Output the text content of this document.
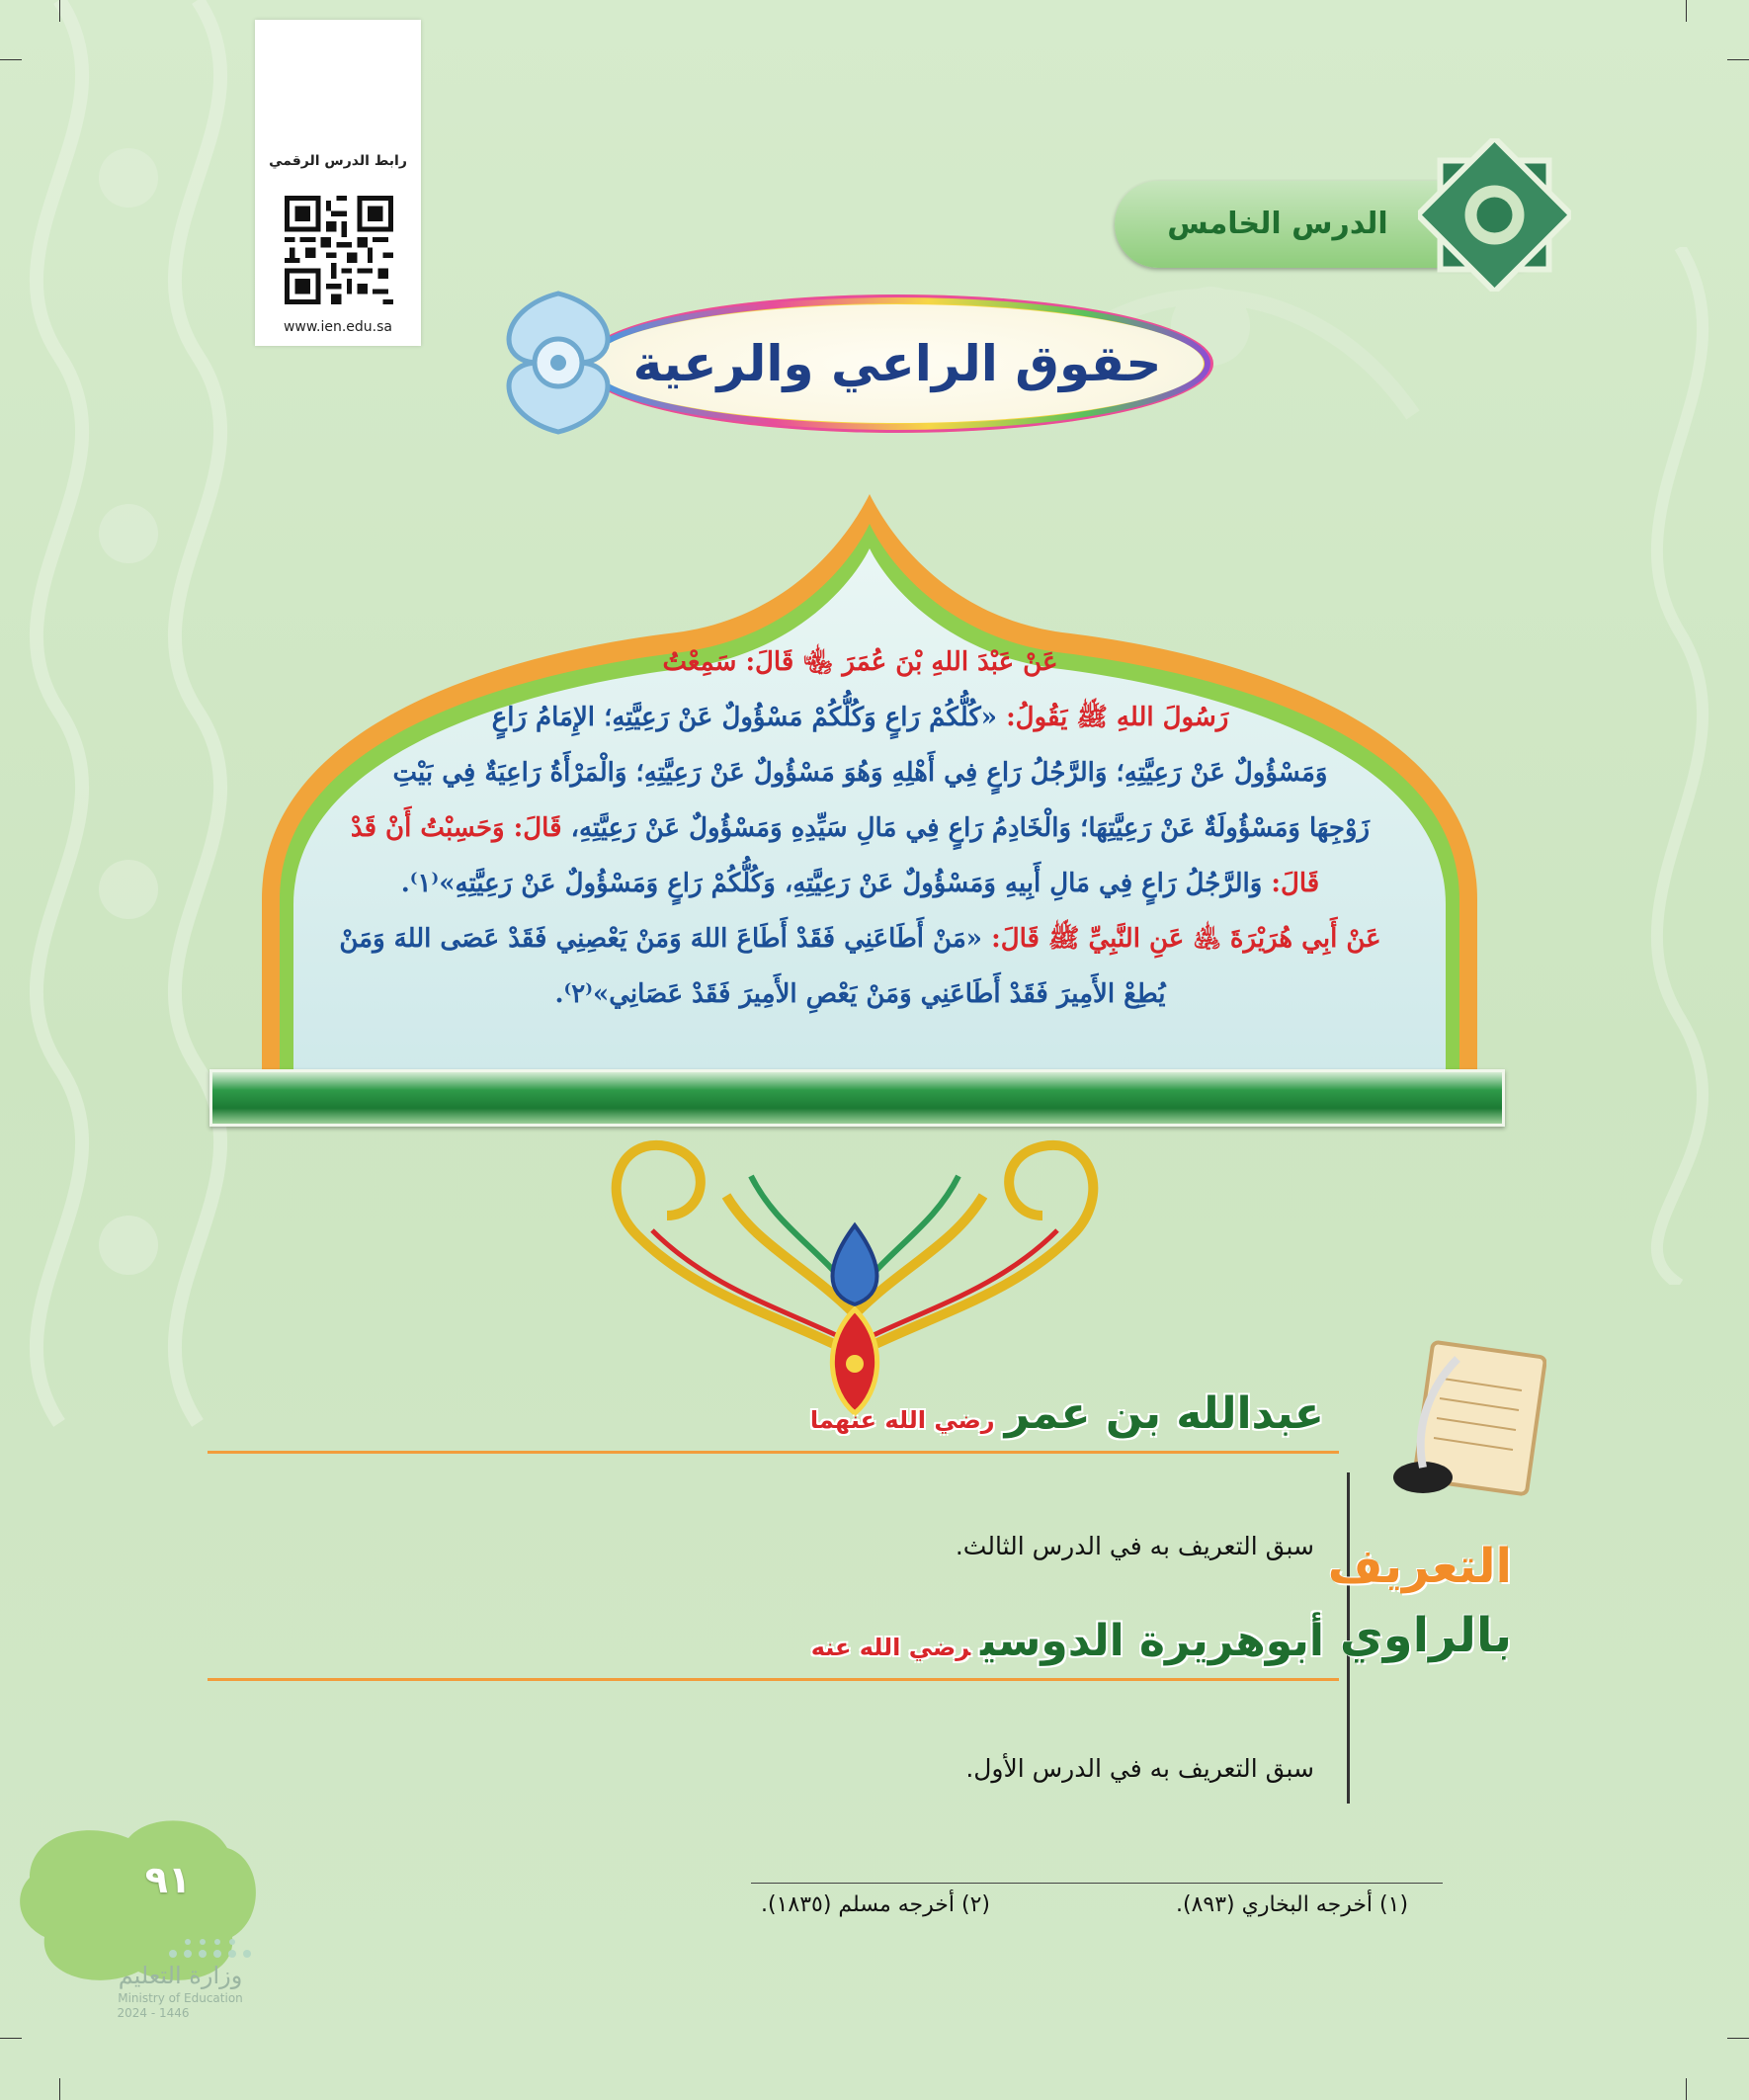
رابط الدرس الرقمي
www.ien.edu.sa
الدرس الخامس
حقوق الراعي والرعية

عَنْ عَبْدَ اللهِ بْنَ عُمَرَ ﵄ قَالَ: سَمِعْتُ

رَسُولَ اللهِ ﷺ يَقُولُ: «كُلُّكُمْ رَاعٍ وَكُلُّكُمْ مَسْؤُولٌ عَنْ رَعِيَّتِهِ؛ الإِمَامُ رَاعٍ

وَمَسْؤُولٌ عَنْ رَعِيَّتِهِ؛ وَالرَّجُلُ رَاعٍ فِي أَهْلِهِ وَهُوَ مَسْؤُولٌ عَنْ رَعِيَّتِهِ؛ وَالْمَرْأَةُ رَاعِيَةٌ فِي بَيْتِ

زَوْجِهَا وَمَسْؤُولَةٌ عَنْ رَعِيَّتِهَا؛ وَالْخَادِمُ رَاعٍ فِي مَالِ سَيِّدِهِ وَمَسْؤُولٌ عَنْ رَعِيَّتِهِ، قَالَ: وَحَسِبْتُ أَنْ قَدْ

قَالَ: وَالرَّجُلُ رَاعٍ فِي مَالِ أَبِيهِ وَمَسْؤُولٌ عَنْ رَعِيَّتِهِ، وَكُلُّكُمْ رَاعٍ وَمَسْؤُولٌ عَنْ رَعِيَّتِهِ»⁽١⁾.

عَنْ أَبِي هُرَيْرَةَ ﵁ عَنِ النَّبِيِّ ﷺ قَالَ: «مَنْ أَطَاعَنِي فَقَدْ أَطَاعَ اللهَ وَمَنْ يَعْصِنِي فَقَدْ عَصَى اللهَ وَمَنْ

يُطِعْ الأَمِيرَ فَقَدْ أَطَاعَنِي وَمَنْ يَعْصِ الأَمِيرَ فَقَدْ عَصَانِي»⁽٢⁾.

التعريف
بالراوي
عبدالله بن عمررضي الله عنهما
سبق التعريف به في الدرس الثالث.
أبوهريرة الدوسيرضي الله عنه
سبق التعريف به في الدرس الأول.
(١) أخرجه البخاري (٨٩٣).
(٢) أخرجه مسلم (١٨٣٥).
٩١
وزارة التعليم
Ministry of Education
2024 - 1446
